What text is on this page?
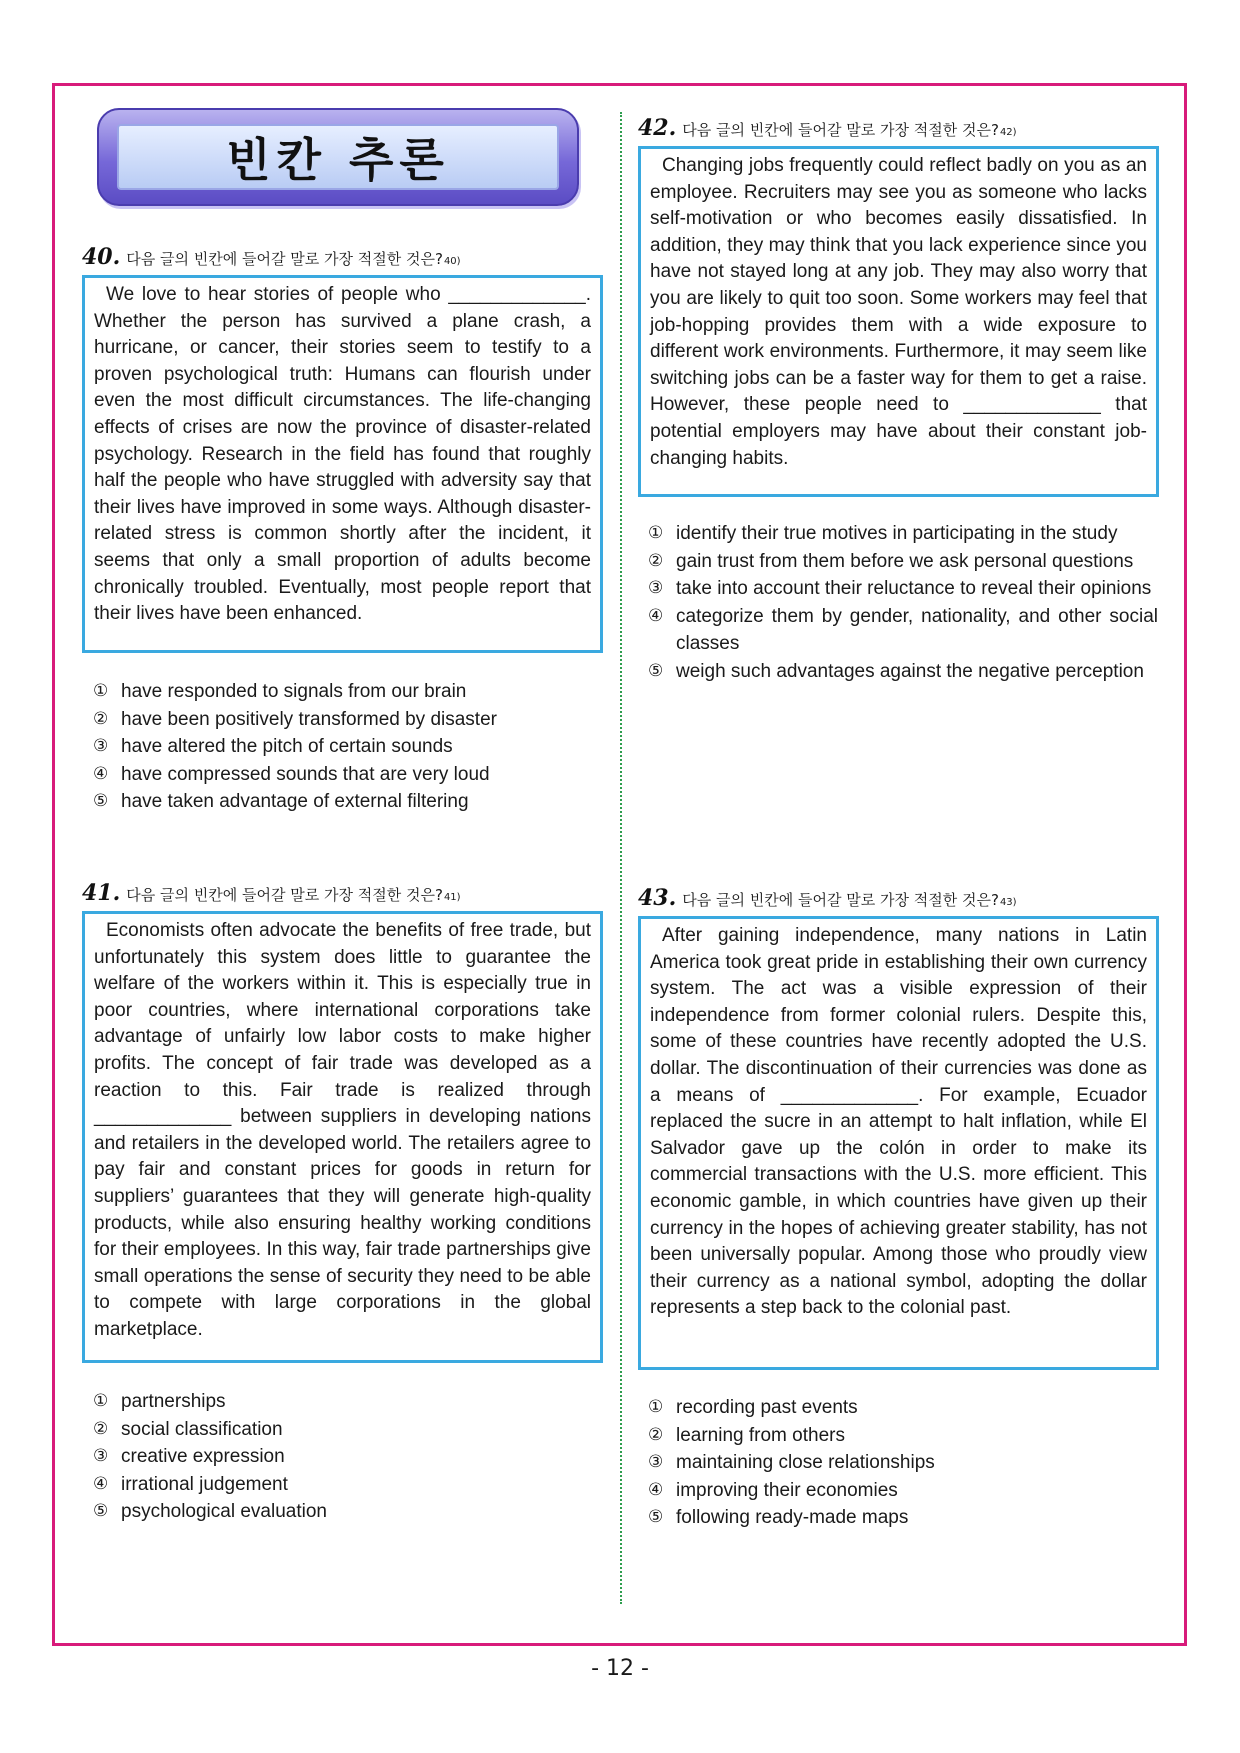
빈칸 추론
40. 다음 글의 빈칸에 들어갈 말로 가장 적절한 것은? 40)
We love to hear stories of people who _____________. Whether the person has survived a plane crash, a hurricane, or cancer, their stories seem to testify to a proven psychological truth: Humans can flourish under even the most difficult circumstances. The life-changing effects of crises are now the province of disaster-related psychology. Research in the field has found that roughly half the people who have struggled with adversity say that their lives have improved in some ways. Although disaster-related stress is common shortly after the incident, it seems that only a small proportion of adults become chronically troubled. Eventually, most people report that their lives have been enhanced.
① have responded to signals from our brain
② have been positively transformed by disaster
③ have altered the pitch of certain sounds
④ have compressed sounds that are very loud
⑤ have taken advantage of external filtering
41. 다음 글의 빈칸에 들어갈 말로 가장 적절한 것은? 41)
Economists often advocate the benefits of free trade, but unfortunately this system does little to guarantee the welfare of the workers within it. This is especially true in poor countries, where international corporations take advantage of unfairly low labor costs to make higher profits. The concept of fair trade was developed as a reaction to this. Fair trade is realized through _____________ between suppliers in developing nations and retailers in the developed world. The retailers agree to pay fair and constant prices for goods in return for suppliers’ guarantees that they will generate high-quality products, while also ensuring healthy working conditions for their employees. In this way, fair trade partnerships give small operations the sense of security they need to be able to compete with large corporations in the global marketplace.
① partnerships
② social classification
③ creative expression
④ irrational judgement
⑤ psychological evaluation
42. 다음 글의 빈칸에 들어갈 말로 가장 적절한 것은? 42)
Changing jobs frequently could reflect badly on you as an employee. Recruiters may see you as someone who lacks self-motivation or who becomes easily dissatisfied. In addition, they may think that you lack experience since you have not stayed long at any job. They may also worry that you are likely to quit too soon. Some workers may feel that job-hopping provides them with a wide exposure to different work environments. Furthermore, it may seem like switching jobs can be a faster way for them to get a raise. However, these people need to _____________ that potential employers may have about their constant job-changing habits.
① identify their true motives in participating in the study
② gain trust from them before we ask personal questions
③ take into account their reluctance to reveal their opinions
④ categorize them by gender, nationality, and other social classes
⑤ weigh such advantages against the negative perception
43. 다음 글의 빈칸에 들어갈 말로 가장 적절한 것은? 43)
After gaining independence, many nations in Latin America took great pride in establishing their own currency system. The act was a visible expression of their independence from former colonial rulers. Despite this, some of these countries have recently adopted the U.S. dollar. The discontinuation of their currencies was done as a means of _____________. For example, Ecuador replaced the sucre in an attempt to halt inflation, while El Salvador gave up the colón in order to make its commercial transactions with the U.S. more efficient. This economic gamble, in which countries have given up their currency in the hopes of achieving greater stability, has not been universally popular. Among those who proudly view their currency as a national symbol, adopting the dollar represents a step back to the colonial past.
① recording past events
② learning from others
③ maintaining close relationships
④ improving their economies
⑤ following ready-made maps
- 12 -
